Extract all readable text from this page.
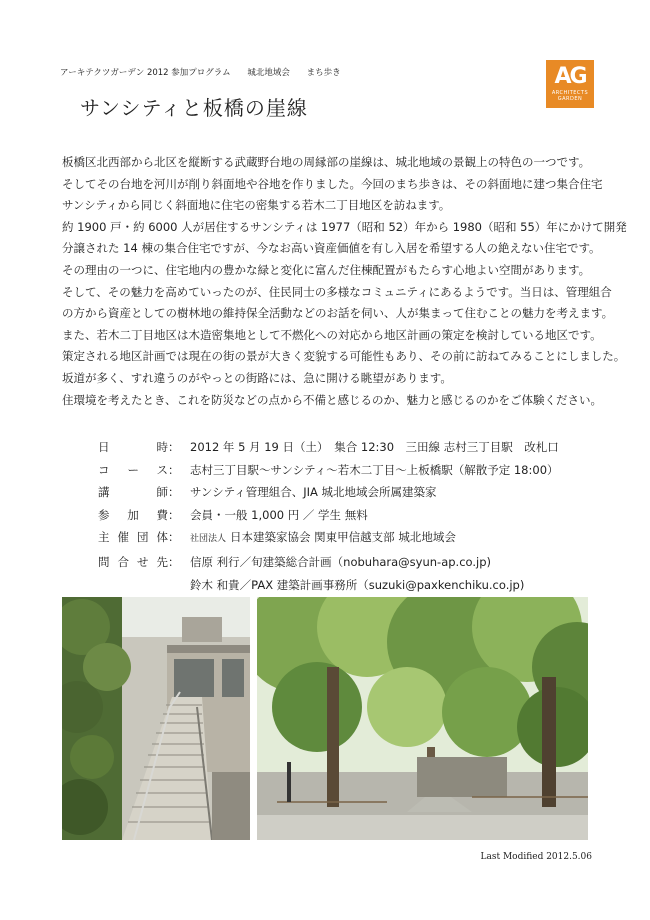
アーキテクツガーデン 2012 参加プログラム 城北地域会 まち歩き	AG
ARCHITECTS
GARDEN
サンシティと板橋の崖線

板橋区北西部から北区を縦断する武蔵野台地の周縁部の崖線は、城北地域の景観上の特色の一つです。

そしてその台地を河川が削り斜面地や谷地を作りました。今回のまち歩きは、その斜面地に建つ集合住宅

サンシティから同じく斜面地に住宅の密集する若木二丁目地区を訪ねます。

約 1900 戸・約 6000 人が居住するサンシティは 1977（昭和 52）年から 1980（昭和 55）年にかけて開発

分譲された 14 棟の集合住宅ですが、今なお高い資産価値を有し入居を希望する人の絶えない住宅です。

その理由の一つに、住宅地内の豊かな緑と変化に富んだ住棟配置がもたらす心地よい空間があります。

そして、その魅力を高めていったのが、住民同士の多様なコミュニティにあるようです。当日は、管理組合

の方から資産としての樹林地の維持保全活動などのお話を伺い、人が集まって住むことの魅力を考えます。

また、若木二丁目地区は木造密集地として不燃化への対応から地区計画の策定を検討している地区です。

策定される地区計画では現在の街の景が大きく変貌する可能性もあり、その前に訪ねてみることにしました。

坂道が多く、すれ違うのがやっとの街路には、急に開ける眺望があります。

住環境を考えたとき、これを防災などの点から不備と感じるのか、魅力と感じるのかをご体験ください。

日　時 ： 2012 年 5 月 19 日（土）　集合 12:30　三田線 志村三丁目駅　改札口
コース ： 志村三丁目駅～サンシティ～若木二丁目～上板橋駅（解散予定 18:00）
講　師 ： サンシティ管理組合、JIA 城北地域会所属建築家
参加費 ： 会員・一般 1,000 円 ／ 学生 無料
主催団体 ：	社団法人 日本建築家協会 関東甲信越支部 城北地域会
問合せ先 ： 信原 利行／旬建築総合計画（nobuhara@syun-ap.co.jp)
鈴木 和貴／PAX 建築計画事務所（suzuki@paxkenchiku.co.jp)
Last Modified 2012.5.06
